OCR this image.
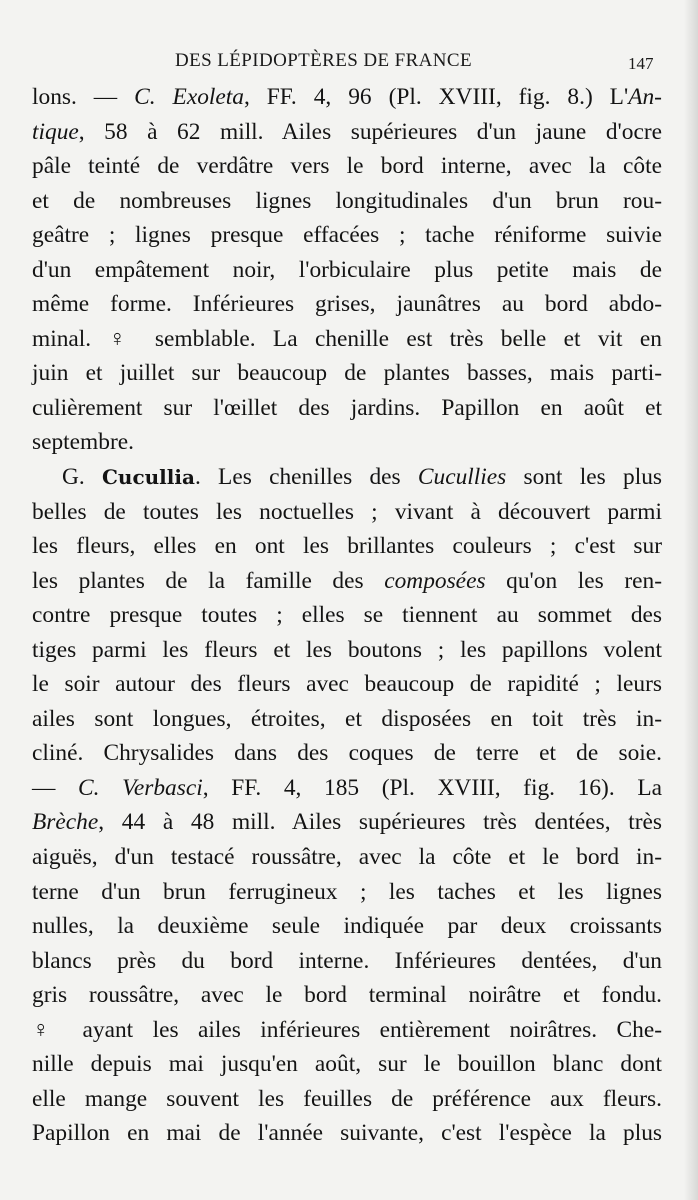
DES LÉPIDOPTÈRES DE FRANCE	147
lons. — C. Exoleta, FF. 4, 96 (Pl. XVIII, fig. 8.) L'An-
tique, 58 à 62 mill. Ailes supérieures d'un jaune d'ocre
pâle teinté de verdâtre vers le bord interne, avec la côte
et de nombreuses lignes longitudinales d'un brun rou-
geâtre ; lignes presque effacées ; tache réniforme suivie
d'un empâtement noir, l'orbiculaire plus petite mais de
même forme. Inférieures grises, jaunâtres au bord abdo-
minal. ♀ semblable. La chenille est très belle et vit en
juin et juillet sur beaucoup de plantes basses, mais parti-
culièrement sur l'œillet des jardins. Papillon en août et
septembre.
G. Cucullia. Les chenilles des Cucullies sont les plus
belles de toutes les noctuelles ; vivant à découvert parmi
les fleurs, elles en ont les brillantes couleurs ; c'est sur
les plantes de la famille des composées qu'on les ren-
contre presque toutes ; elles se tiennent au sommet des
tiges parmi les fleurs et les boutons ; les papillons volent
le soir autour des fleurs avec beaucoup de rapidité ; leurs
ailes sont longues, étroites, et disposées en toit très in-
cliné. Chrysalides dans des coques de terre et de soie.
— C. Verbasci, FF. 4, 185 (Pl. XVIII, fig. 16). La
Brèche, 44 à 48 mill. Ailes supérieures très dentées, très
aiguës, d'un testacé roussâtre, avec la côte et le bord in-
terne d'un brun ferrugineux ; les taches et les lignes
nulles, la deuxième seule indiquée par deux croissants
blancs près du bord interne. Inférieures dentées, d'un
gris roussâtre, avec le bord terminal noirâtre et fondu.
♀ ayant les ailes inférieures entièrement noirâtres. Che-
nille depuis mai jusqu'en août, sur le bouillon blanc dont
elle mange souvent les feuilles de préférence aux fleurs.
Papillon en mai de l'année suivante, c'est l'espèce la plus
